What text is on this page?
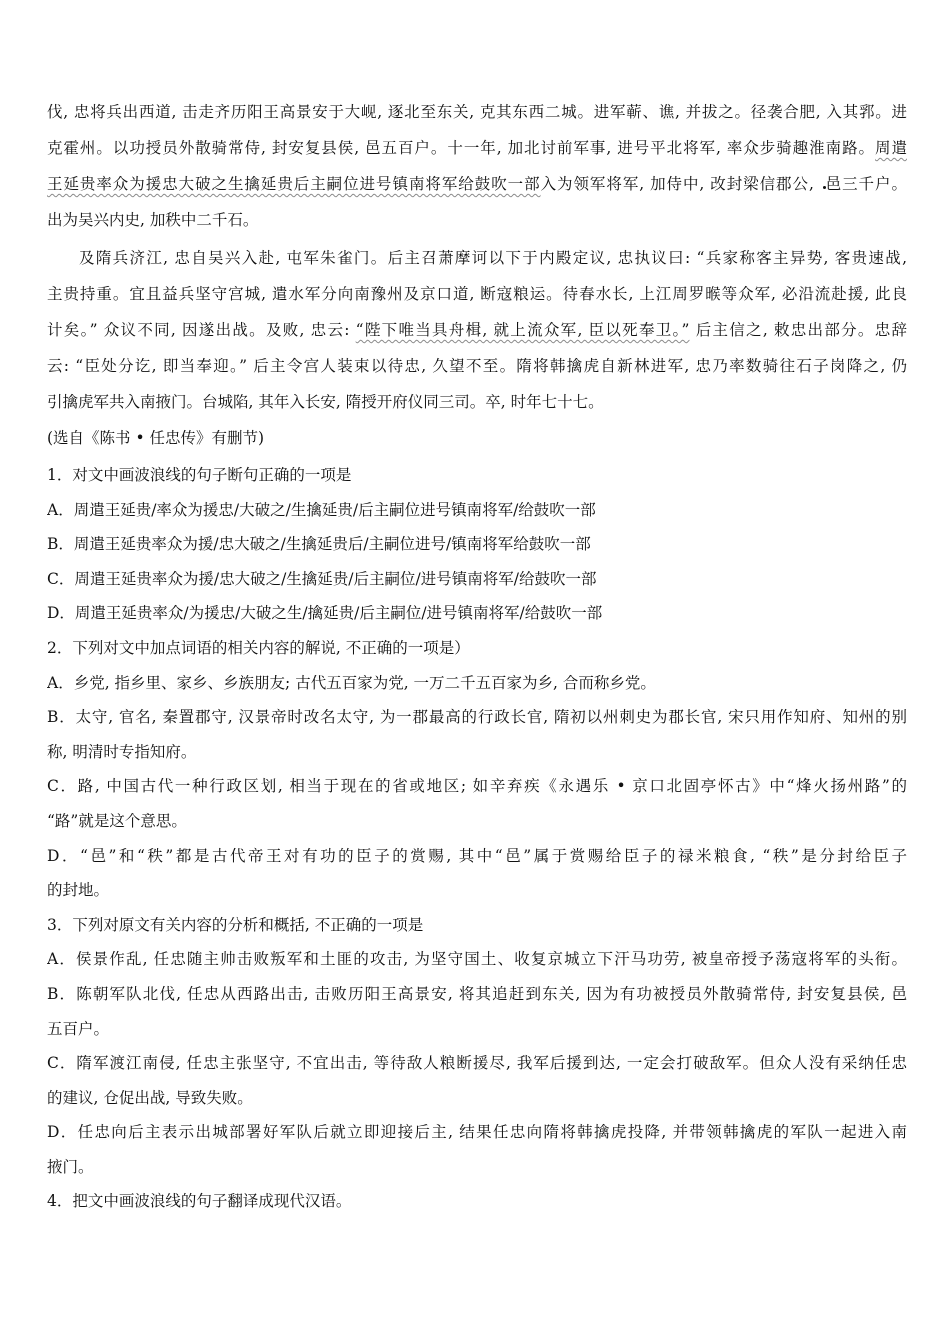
伐, 忠将兵出西道, 击走齐历阳王高景安于大岘, 逐北至东关, 克其东西二城。进军蕲、谯, 并拔之。径袭合肥, 入其郛。进
克霍州。以功授员外散骑常侍, 封安复县侯, 邑五百户。十一年, 加北讨前军事, 进号平北将军, 率众步骑趣淮南路。周遣
王延贵率众为援忠大破之生擒延贵后主嗣位进号镇南将军给鼓吹一部入为领军将军, 加侍中, 改封梁信郡公,  邑三千户。
出为吴兴内史, 加秩中二千石。
及隋兵济江, 忠自吴兴入赴, 屯军朱雀门。后主召萧摩诃以下于内殿定议, 忠执议曰: “兵家称客主异势, 客贵速战,
主贵持重。宜且益兵坚守宫城, 遣水军分向南豫州及京口道, 断寇粮运。待春水长, 上江周罗㬋等众军, 必沿流赴援, 此良
计矣。” 众议不同, 因遂出战。及败, 忠云: “陛下唯当具舟楫, 就上流众军, 臣以死奉卫。” 后主信之, 敕忠出部分。忠辞
云: “臣处分讫, 即当奉迎。” 后主令宫人装束以待忠, 久望不至。隋将韩擒虎自新林进军, 忠乃率数骑往石子岗降之, 仍
引擒虎军共入南掖门。台城陷, 其年入长安, 隋授开府仪同三司。卒, 时年七十七。
(选自《陈书 • 任忠传》有删节)
1．对文中画波浪线的句子断句正确的一项是
A．周遣王延贵/率众为援忠/大破之/生擒延贵/后主嗣位进号镇南将军/给鼓吹一部
B．周遣王延贵率众为援/忠大破之/生擒延贵后/主嗣位进号/镇南将军给鼓吹一部
C．周遣王延贵率众为援/忠大破之/生擒延贵/后主嗣位/进号镇南将军/给鼓吹一部
D．周遣王延贵率众/为援忠/大破之生/擒延贵/后主嗣位/进号镇南将军/给鼓吹一部
2．下列对文中加点词语的相关内容的解说, 不正确的一项是）
A．乡党, 指乡里、家乡、乡族朋友; 古代五百家为党, 一万二千五百家为乡, 合而称乡党。
B．太守, 官名, 秦置郡守, 汉景帝时改名太守, 为一郡最高的行政长官, 隋初以州刺史为郡长官, 宋只用作知府、知州的别
称, 明清时专指知府。
C．路, 中国古代一种行政区划, 相当于现在的省或地区; 如辛弃疾《永遇乐 • 京口北固亭怀古》中“烽火扬州路”的
“路”就是这个意思。
D．“邑”和“秩”都是古代帝王对有功的臣子的赏赐, 其中“邑”属于赏赐给臣子的禄米粮食, “秩”是分封给臣子
的封地。
3．下列对原文有关内容的分析和概括, 不正确的一项是
A．侯景作乱, 任忠随主帅击败叛军和土匪的攻击, 为坚守国土、收复京城立下汗马功劳, 被皇帝授予荡寇将军的头衔。
B．陈朝军队北伐, 任忠从西路出击, 击败历阳王高景安, 将其追赶到东关, 因为有功被授员外散骑常侍, 封安复县侯, 邑
五百户。
C．隋军渡江南侵, 任忠主张坚守, 不宜出击, 等待敌人粮断援尽, 我军后援到达, 一定会打破敌军。但众人没有采纳任忠
的建议, 仓促出战, 导致失败。
D．任忠向后主表示出城部署好军队后就立即迎接后主, 结果任忠向隋将韩擒虎投降, 并带领韩擒虎的军队一起进入南
掖门。
4．把文中画波浪线的句子翻译成现代汉语。
